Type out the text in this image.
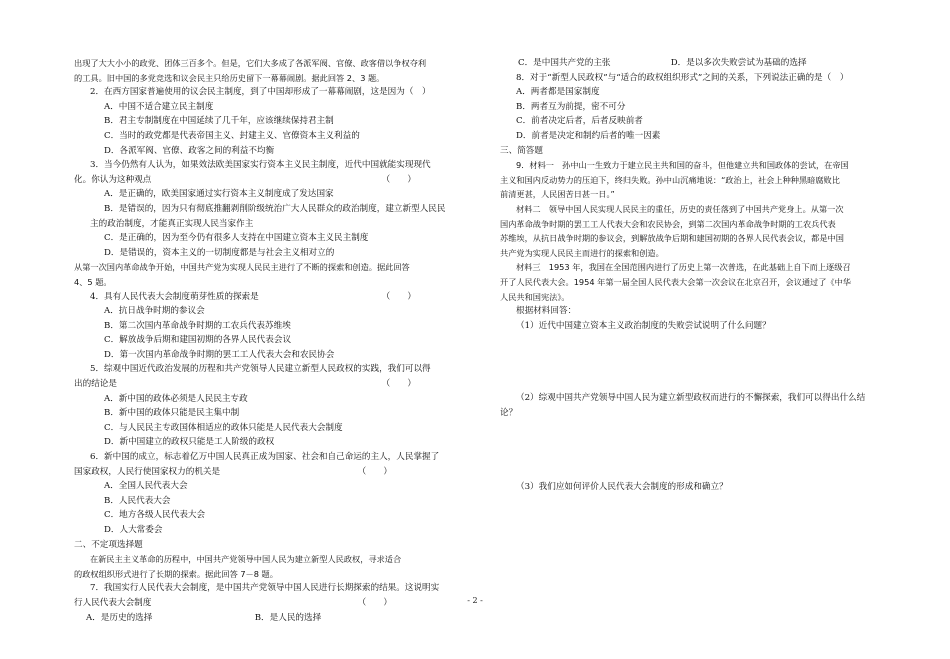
出现了大大小小的政党、团体三百多个。但是，它们大多成了各派军阀、官僚、政客借以争权夺利
的工具。旧中国的多党竞选和议会民主只给历史留下一幕幕闹剧。据此回答 2、3 题。
2．在西方国家普遍使用的议会民主制度，到了中国却形成了一幕幕闹剧，这是因为（　）
A．中国不适合建立民主制度
B．君主专制制度在中国延续了几千年，应该继续保持君主制
C．当时的政党都是代表帝国主义、封建主义、官僚资本主义利益的
D．各派军阀、官僚、政客之间的利益不均衡
3．当今仍然有人认为，如果效法欧美国家实行资本主义民主制度，近代中国就能实现现代
化。你认为这种观点	（　　）
A．是正确的，欧美国家通过实行资本主义制度成了发达国家
B．是错误的，因为只有彻底推翻剥削阶级统治广大人民群众的政治制度，建立新型人民民
主的政治制度，才能真正实现人民当家作主
C．是正确的，因为至今仍有很多人支持在中国建立资本主义民主制度
D．是错误的，资本主义的一切制度都是与社会主义相对立的
从第一次国内革命战争开始，中国共产党为实现人民民主进行了不断的探索和创造。据此回答
4、5 题。
4．具有人民代表大会制度萌芽性质的探索是	（　　）
A．抗日战争时期的参议会
B．第二次国内革命战争时期的工农兵代表苏维埃
C．解放战争后期和建国初期的各界人民代表会议
D．第一次国内革命战争时期的罢工工人代表大会和农民协会
5．综观中国近代政治发展的历程和共产党领导人民建立新型人民政权的实践，我们可以得
出的结论是	（　　）
A．新中国的政体必须是人民民主专政
B．新中国的政体只能是民主集中制
C．与人民民主专政国体相适应的政体只能是人民代表大会制度
D．新中国建立的政权只能是工人阶级的政权
6．新中国的成立，标志着亿万中国人民真正成为国家、社会和自己命运的主人，人民掌握了
国家政权，人民行使国家权力的机关是	（　　）
A．全国人民代表大会
B．人民代表大会
C．地方各级人民代表大会
D．人大常委会
二、不定项选择题
在新民主主义革命的历程中，中国共产党领导中国人民为建立新型人民政权，寻求适合
的政权组织形式进行了长期的探索。据此回答 7－8 题。
7．我国实行人民代表大会制度，是中国共产党领导中国人民进行长期探索的结果。这说明实
行人民代表大会制度	（　　）
A．是历史的选择	B．是人民的选择
C．是中国共产党的主张	D．是以多次失败尝试为基础的选择
8．对于“新型人民政权”与“适合的政权组织形式”之间的关系，下列说法正确的是（　）
A．两者都是国家制度
B．两者互为前提，密不可分
C．前者决定后者，后者反映前者
D．前者是决定和制约后者的唯一因素
三、简答题
9．材料一　孙中山一生致力于建立民主共和国的奋斗，但他建立共和国政体的尝试，在帝国
主义和国内反动势力的压迫下，终归失败。孙中山沉痛地说：“政治上，社会上种种黑暗腐败比
前清更甚，人民困苦日甚一日。”
材料二　领导中国人民实现人民民主的重任，历史的责任落到了中国共产党身上。从第一次
国内革命战争时期的罢工工人代表大会和农民协会，到第二次国内革命战争时期的工农兵代表
苏维埃，从抗日战争时期的参议会，到解放战争后期和建国初期的各界人民代表会议，都是中国
共产党为实现人民民主而进行的探索和创造。
材料三　1953 年，我国在全国范围内进行了历史上第一次普选，在此基础上自下而上逐级召
开了人民代表大会。1954 年第一届全国人民代表大会第一次会议在北京召开，会议通过了《中华
人民共和国宪法》。
根据材料回答：
（1）近代中国建立资本主义政治制度的失败尝试说明了什么问题？
（2）综观中国共产党领导中国人民为建立新型政权而进行的不懈探索，我们可以得出什么结
论？
（3）我们应如何评价人民代表大会制度的形成和确立？
- 2 -
